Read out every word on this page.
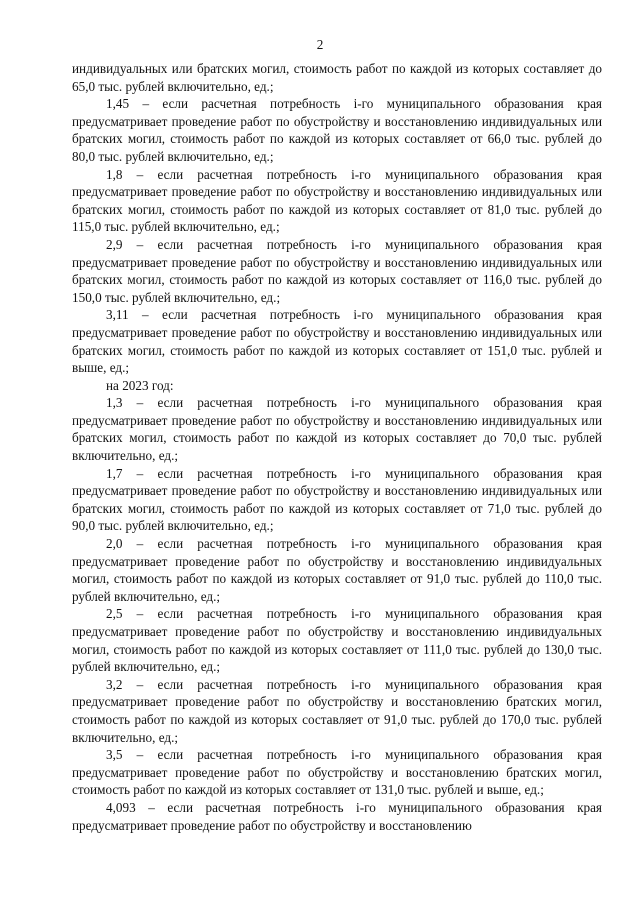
2

индивидуальных или братских могил, стоимость работ по каждой из которых составляет до 65,0 тыс. рублей включительно, ед.;

1,45 – если расчетная потребность i-го муниципального образования края предусматривает проведение работ по обустройству и восстановлению индивидуальных или братских могил, стоимость работ по каждой из которых составляет от 66,0 тыс. рублей до 80,0 тыс. рублей включительно, ед.;

1,8 – если расчетная потребность i-го муниципального образования края предусматривает проведение работ по обустройству и восстановлению индивидуальных или братских могил, стоимость работ по каждой из которых составляет от 81,0 тыс. рублей до 115,0 тыс. рублей включительно, ед.;

2,9 – если расчетная потребность i-го муниципального образования края предусматривает проведение работ по обустройству и восстановлению индивидуальных или братских могил, стоимость работ по каждой из которых составляет от 116,0 тыс. рублей до 150,0 тыс. рублей включительно, ед.;

3,11 – если расчетная потребность i-го муниципального образования края предусматривает проведение работ по обустройству и восстановлению индивидуальных или братских могил, стоимость работ по каждой из которых составляет от 151,0 тыс. рублей и выше, ед.;

на 2023 год:

1,3 – если расчетная потребность i-го муниципального образования края предусматривает проведение работ по обустройству и восстановлению индивидуальных или братских могил, стоимость работ по каждой из которых составляет до 70,0 тыс. рублей включительно, ед.;

1,7 – если расчетная потребность i-го муниципального образования края предусматривает проведение работ по обустройству и восстановлению индивидуальных или братских могил, стоимость работ по каждой из которых составляет от 71,0 тыс. рублей до 90,0 тыс. рублей включительно, ед.;

2,0 – если расчетная потребность i-го муниципального образования края предусматривает проведение работ по обустройству и восстановлению индивидуальных могил, стоимость работ по каждой из которых составляет от 91,0 тыс. рублей до 110,0 тыс. рублей включительно, ед.;

2,5 – если расчетная потребность i-го муниципального образования края предусматривает проведение работ по обустройству и восстановлению индивидуальных могил, стоимость работ по каждой из которых составляет от 111,0 тыс. рублей до 130,0 тыс. рублей включительно, ед.;

3,2 – если расчетная потребность i-го муниципального образования края предусматривает проведение работ по обустройству и восстановлению братских могил, стоимость работ по каждой из которых составляет от 91,0 тыс. рублей до 170,0 тыс. рублей включительно, ед.;

3,5 – если расчетная потребность i-го муниципального образования края предусматривает проведение работ по обустройству и восстановлению братских могил, стоимость работ по каждой из которых составляет от 131,0 тыс. рублей и выше, ед.;

4,093 – если расчетная потребность i-го муниципального образования края предусматривает проведение работ по обустройству и восстановлению
